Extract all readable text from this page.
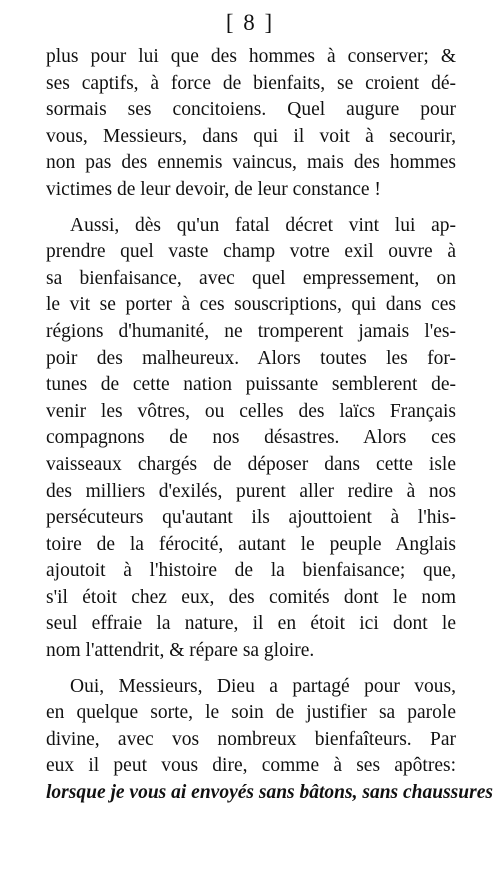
[ 8 ]
plus pour lui que des hommes à conserver; &
ses captifs, à force de bienfaits, se croient dé-
sormais ses concitoiens. Quel augure pour
vous, Messieurs, dans qui il voit à secourir,
non pas des ennemis vaincus, mais des hommes
victimes de leur devoir, de leur constance !
Aussi, dès qu'un fatal décret vint lui ap-
prendre quel vaste champ votre exil ouvre à
sa bienfaisance, avec quel empressement, on
le vit se porter à ces souscriptions, qui dans ces
régions d'humanité, ne tromperent jamais l'es-
poir des malheureux. Alors toutes les for-
tunes de cette nation puissante semblerent de-
venir les vôtres, ou celles des laïcs Français
compagnons de nos désastres. Alors ces
vaisseaux chargés de déposer dans cette isle
des milliers d'exilés, purent aller redire à nos
persécuteurs qu'autant ils ajouttoient à l'his-
toire de la férocité, autant le peuple Anglais
ajoutoit à l'histoire de la bienfaisance; que,
s'il étoit chez eux, des comités dont le nom
seul effraie la nature, il en étoit ici dont le
nom l'attendrit, & répare sa gloire.
Oui, Messieurs, Dieu a partagé pour vous,
en quelque sorte, le soin de justifier sa parole
divine, avec vos nombreux bienfaîteurs. Par
eux il peut vous dire, comme à ses apôtres:
lorsque je vous ai envoyés sans bâtons, sans chaussures
